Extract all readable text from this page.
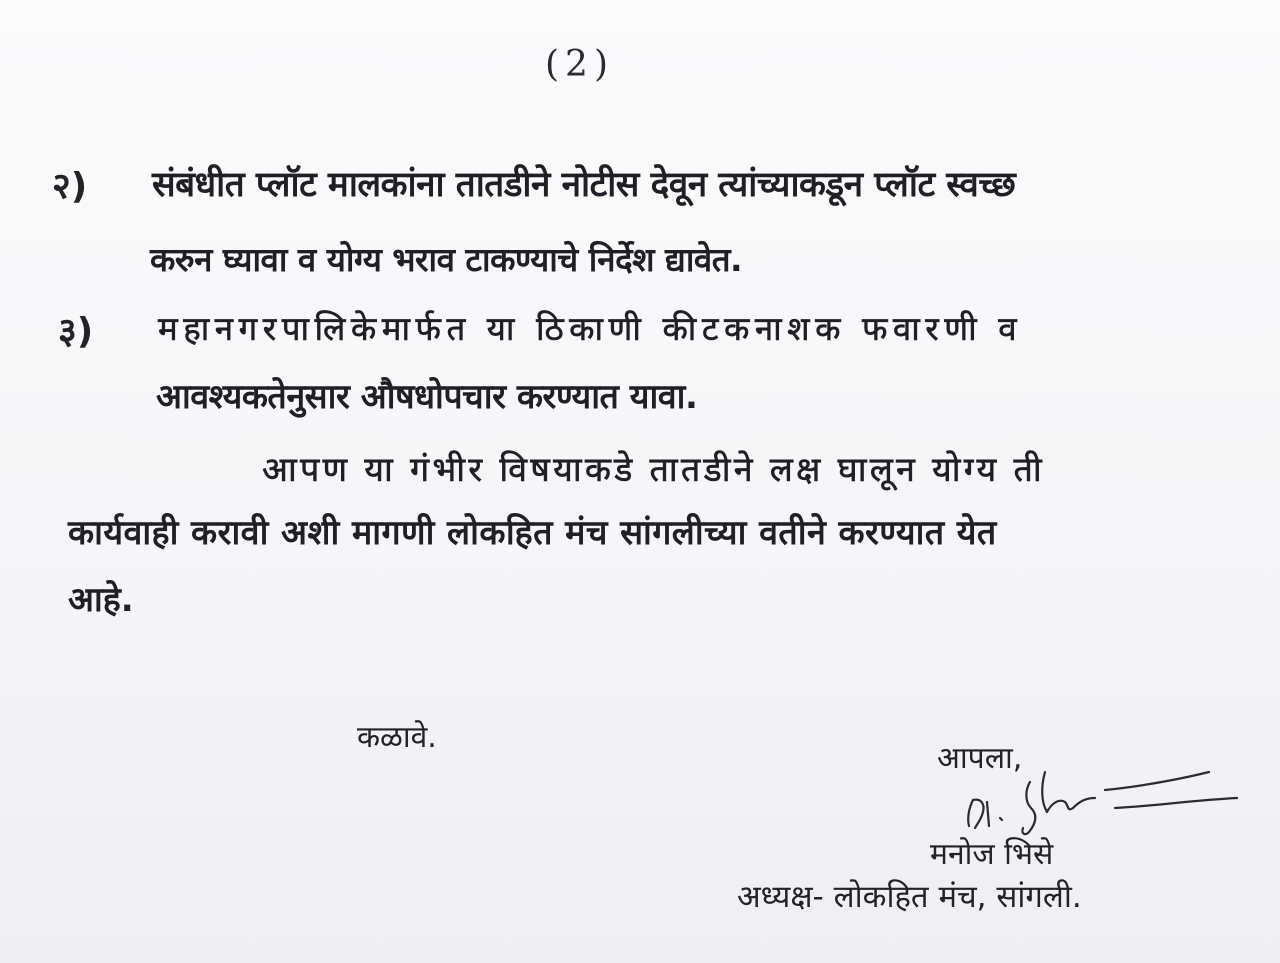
(2)
२) संबंधीत प्लॉट मालकांना तातडीने नोटीस देवून त्यांच्याकडून प्लॉट स्वच्छ
करुन घ्यावा व योग्य भराव टाकण्याचे निर्देश द्यावेत.
३) महानगरपालिकेमार्फत या ठिकाणी कीटकनाशक फवारणी व
आवश्यकतेनुसार औषधोपचार करण्यात यावा.
आपण या गंभीर विषयाकडे तातडीने लक्ष घालून योग्य ती
कार्यवाही करावी अशी मागणी लोकहित मंच सांगलीच्या वतीने करण्यात येत
आहे.
कळावे.
आपला,
मनोज भिसे
अध्यक्ष- लोकहित मंच, सांगली.
